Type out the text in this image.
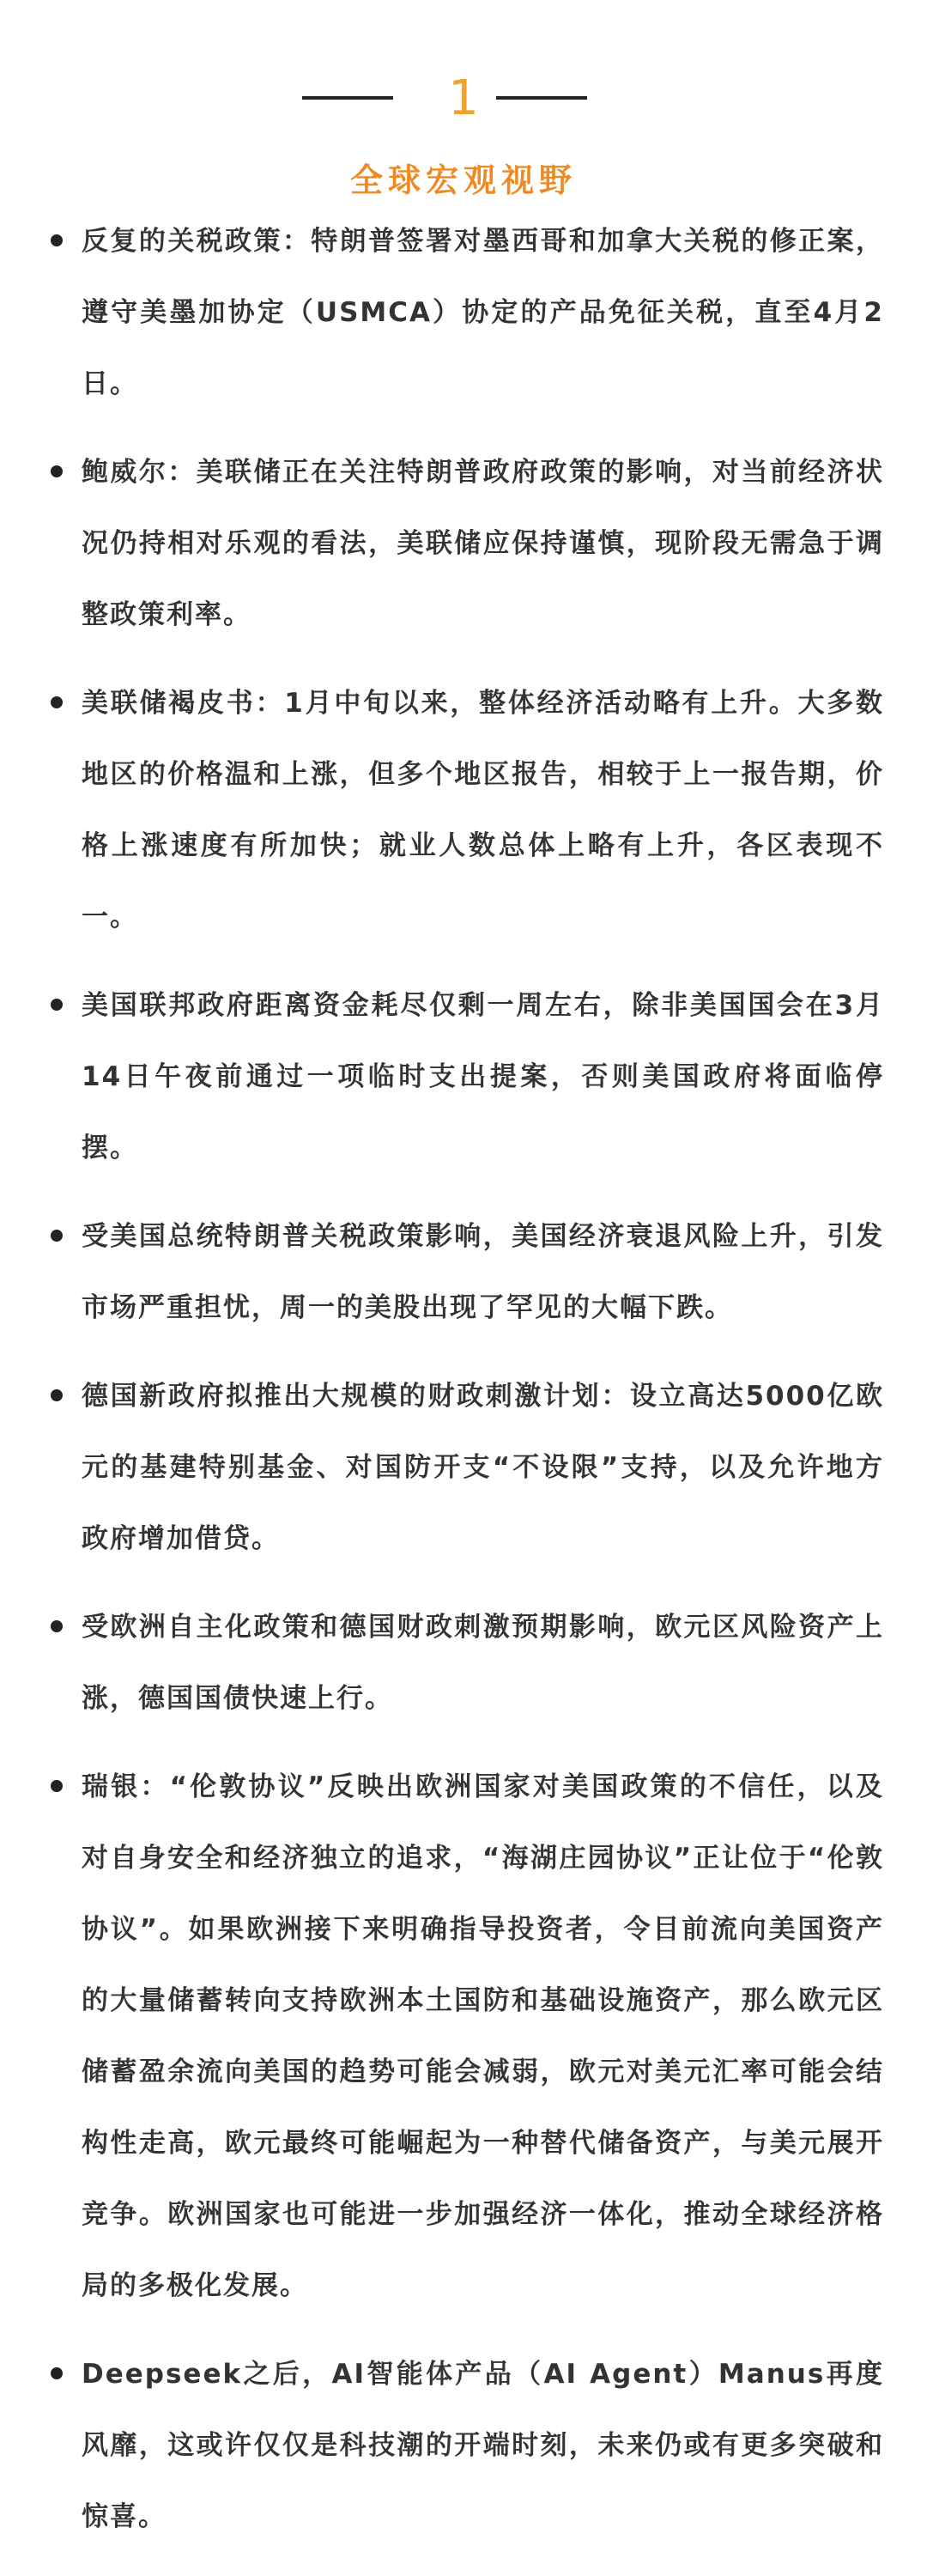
1
全球宏观视野
反复的关税政策：特朗普签署对墨西哥和加拿大关税的修正案，遵守美墨加协定（USMCA）协定的产品免征关税，直至4月2日。
鲍威尔：美联储正在关注特朗普政府政策的影响，对当前经济状况仍持相对乐观的看法，美联储应保持谨慎，现阶段无需急于调整政策利率。
美联储褐皮书：1月中旬以来，整体经济活动略有上升。大多数地区的价格温和上涨，但多个地区报告，相较于上一报告期，价格上涨速度有所加快；就业人数总体上略有上升，各区表现不一。
美国联邦政府距离资金耗尽仅剩一周左右，除非美国国会在3月14日午夜前通过一项临时支出提案，否则美国政府将面临停摆。
受美国总统特朗普关税政策影响，美国经济衰退风险上升，引发市场严重担忧，周一的美股出现了罕见的大幅下跌。
德国新政府拟推出大规模的财政刺激计划：设立高达5000亿欧元的基建特别基金、对国防开支“不设限”支持，以及允许地方政府增加借贷。
受欧洲自主化政策和德国财政刺激预期影响，欧元区风险资产上涨，德国国债快速上行。
瑞银：“伦敦协议”反映出欧洲国家对美国政策的不信任，以及对自身安全和经济独立的追求，“海湖庄园协议”正让位于“伦敦协议”。如果欧洲接下来明确指导投资者，令目前流向美国资产的大量储蓄转向支持欧洲本土国防和基础设施资产，那么欧元区储蓄盈余流向美国的趋势可能会减弱，欧元对美元汇率可能会结构性走高，欧元最终可能崛起为一种替代储备资产，与美元展开竞争。欧洲国家也可能进一步加强经济一体化，推动全球经济格局的多极化发展。
Deepseek之后，AI智能体产品（AI Agent）Manus再度风靡，这或许仅仅是科技潮的开端时刻，未来仍或有更多突破和惊喜。
